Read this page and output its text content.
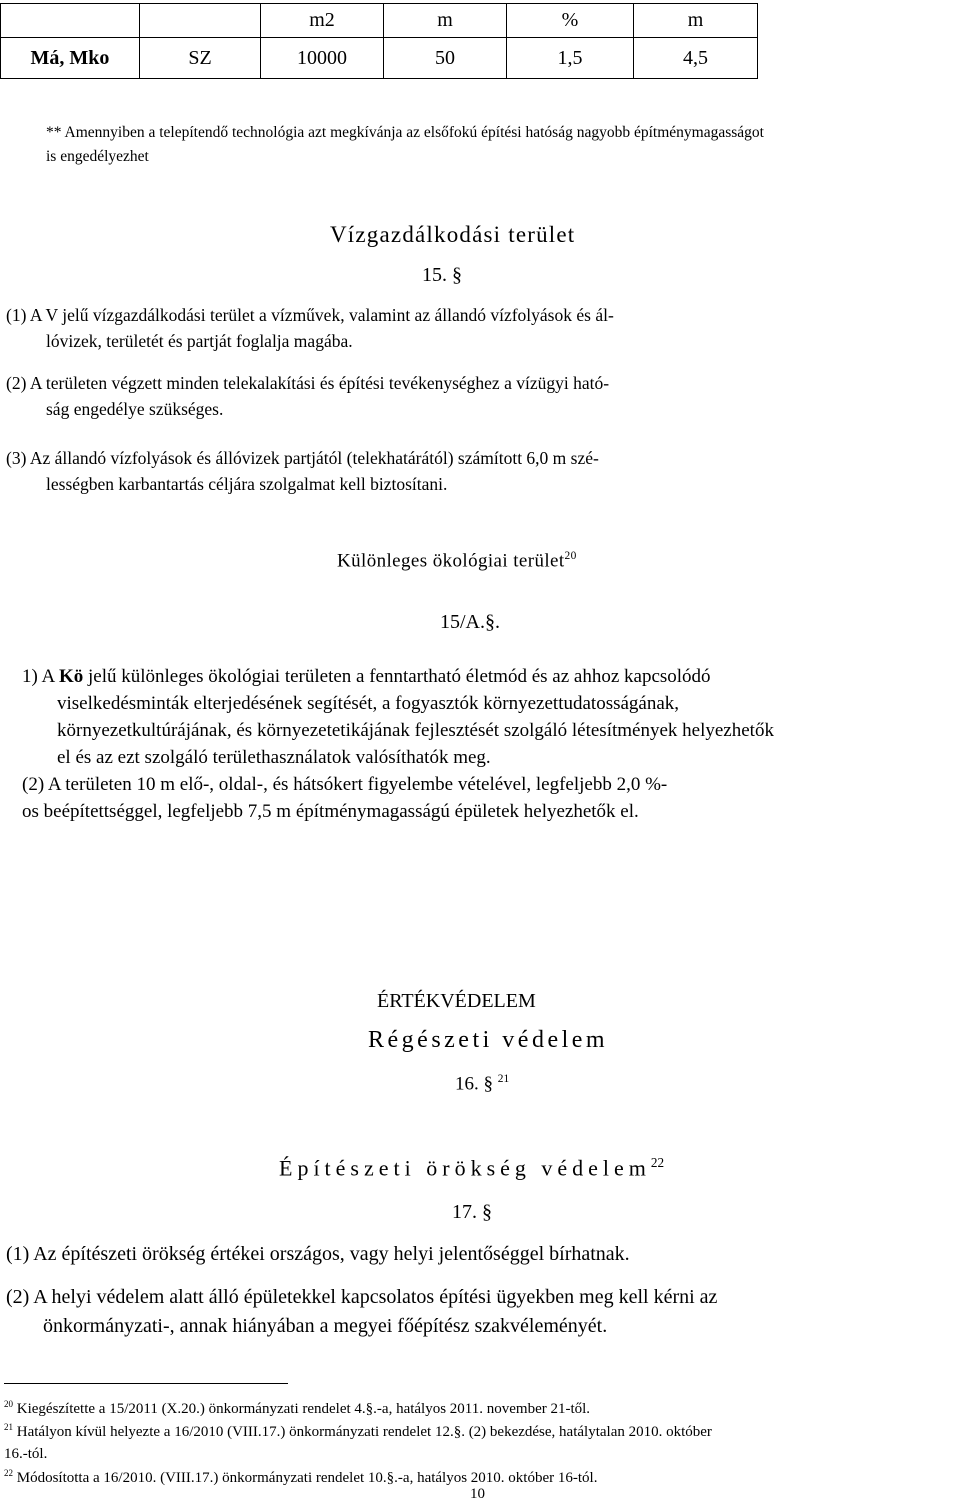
		m2	m	%	m
Má, Mko	SZ	10000	50	1,5	4,5
** Amennyiben a telepítendő technológia azt megkívánja az elsőfokú építési hatóság nagyobb építménymagasságot
is engedélyezhet
Vízgazdálkodási terület
15. §
(1) A V jelű vízgazdálkodási terület a vízművek, valamint az állandó vízfolyások és ál-
lóvizek, területét és partját foglalja magába.
(2) A területen végzett minden telekalakítási és építési tevékenységhez a vízügyi ható-
ság engedélye szükséges.
(3) Az állandó vízfolyások és állóvizek partjától (telekhatárától) számított 6,0 m szé-
lességben karbantartás céljára szolgalmat kell biztosítani.
Különleges ökológiai terület$^{20}$
15/A.§.
1) A Kö jelű különleges ökológiai területen a fenntartható életmód és az ahhoz kapcsolódó
viselkedésminták elterjedésének segítését, a fogyasztók környezettudatosságának,
környezetkultúrájának, és környezetetikájának fejlesztését szolgáló létesítmények helyezhetők
el és az ezt szolgáló területhasználatok valósíthatók meg.
(2) A területen 10 m elő-, oldal-, és hátsókert figyelembe vételével, legfeljebb 2,0 %-
os beépítettséggel, legfeljebb 7,5 m építménymagasságú épületek helyezhetők el.
ÉRTÉKVÉDELEM
Régészeti védelem
16. § $^{21}$
Építészeti örökség védelem$^{22}$
17. §
(1) Az építészeti örökség értékei országos, vagy helyi jelentőséggel bírhatnak.
(2) A helyi védelem alatt álló épületekkel kapcsolatos építési ügyekben meg kell kérni az
önkormányzati-, annak hiányában a megyei főépítész szakvéleményét.
$^{20}$ Kiegészítette a 15/2011 (X.20.) önkormányzati rendelet 4.§.-a, hatályos 2011. november 21-től.
$^{21}$ Hatályon kívül helyezte a 16/2010 (VIII.17.) önkormányzati rendelet 12.§. (2) bekezdése, hatálytalan 2010. október
16.-tól.
$^{22}$ Módosította a 16/2010. (VIII.17.) önkormányzati rendelet 10.§.-a, hatályos 2010. október 16-tól.
10
